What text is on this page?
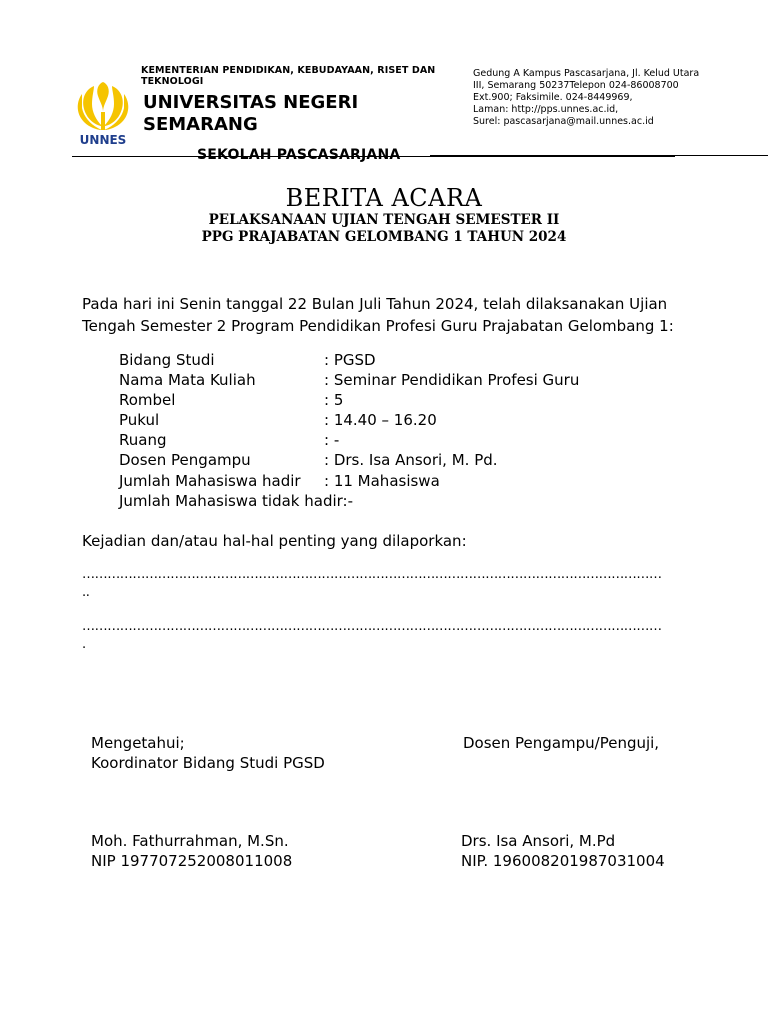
UNNES
KEMENTERIAN PENDIDIKAN, KEBUDAYAAN, RISET DAN TEKNOLOGI
UNIVERSITAS NEGERI
SEMARANG
Gedung A Kampus Pascasarjana, Jl. Kelud Utara
III, Semarang 50237Telepon 024-86008700
Ext.900; Faksimile. 024-8449969,
Laman: http://pps.unnes.ac.id,
Surel: pascasarjana@mail.unnes.ac.id
SEKOLAH PASCASARJANA
BERITA ACARA
PELAKSANAAN UJIAN TENGAH SEMESTER II
PPG PRAJABATAN GELOMBANG 1 TAHUN 2024
Pada hari ini Senin tanggal 22 Bulan Juli Tahun 2024, telah dilaksanakan Ujian Tengah Semester 2 Program Pendidikan Profesi Guru Prajabatan Gelombang 1:
Bidang Studi	: PGSD
Nama Mata Kuliah	: Seminar Pendidikan Profesi Guru
Rombel	: 5
Pukul	: 14.40 – 16.20
Ruang	: -
Dosen Pengampu	: Drs. Isa Ansori, M. Pd.
Jumlah Mahasiswa hadir	: 11 Mahasiswa
Jumlah Mahasiswa tidak hadir: -
Kejadian dan/atau hal-hal penting yang dilaporkan:
…………………………………………………………………………………………………………………………
..
…………………………………………………………………………………………………………………………
.
Mengetahui;
Koordinator Bidang Studi PGSD
Dosen Pengampu/Penguji,
Moh. Fathurrahman, M.Sn.
NIP 197707252008011008
Drs. Isa Ansori, M.Pd
NIP. 196008201987031004
